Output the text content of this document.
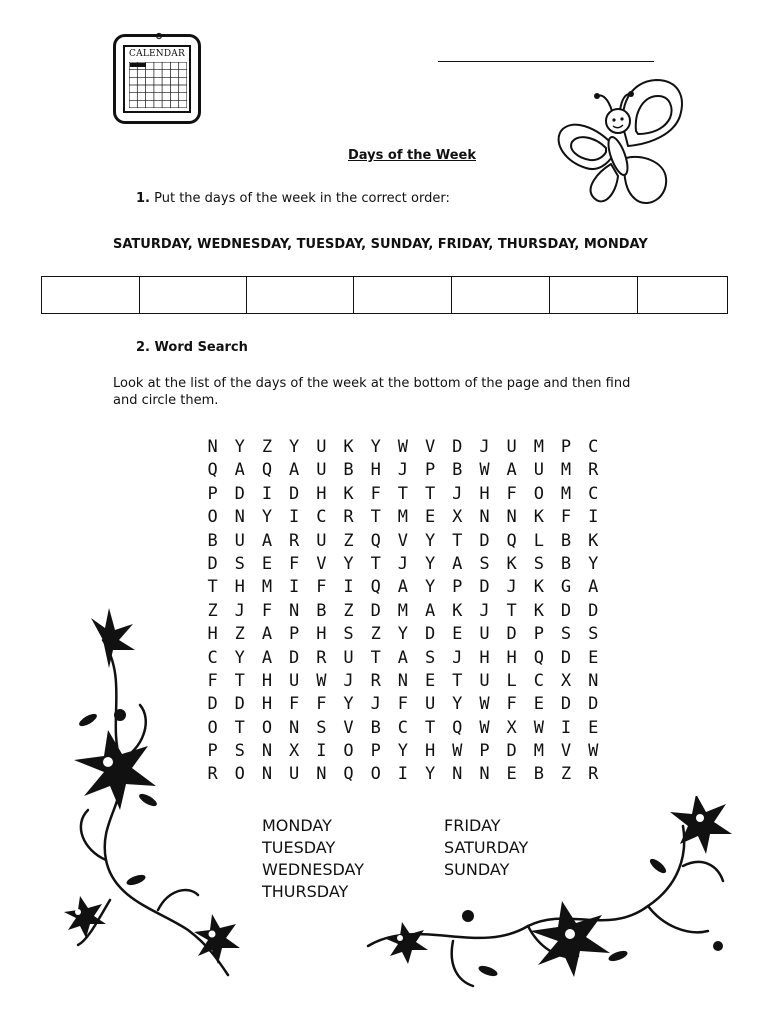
CALENDAR
Days of the Week
1. Put the days of the week in the correct order:
SATURDAY, WEDNESDAY, TUESDAY, SUNDAY, FRIDAY, THURSDAY, MONDAY
2. Word Search
Look at the list of the days of the week at the bottom of the page and then find and circle them.
N Y Z Y U K Y W V D J U M P C
Q A Q A U B H J P B W A U M R
P D I D H K F T T J H F O M C
O N Y I C R T M E X N N K F I
B U A R U Z Q V Y T D Q L B K
D S E F V Y T J Y A S K S B Y
T H M I F I Q A Y P D J K G A
Z J F N B Z D M A K J T K D D
H Z A P H S Z Y D E U D P S S
C Y A D R U T A S J H H Q D E
F T H U W J R N E T U L C X N
D D H F F Y J F U Y W F E D D
O T O N S V B C T Q W X W I E
P S N X I O P Y H W P D M V W
R O N U N Q O I Y N N E B Z R
MONDAY
TUESDAY
WEDNESDAY
THURSDAY
FRIDAY
SATURDAY
SUNDAY
